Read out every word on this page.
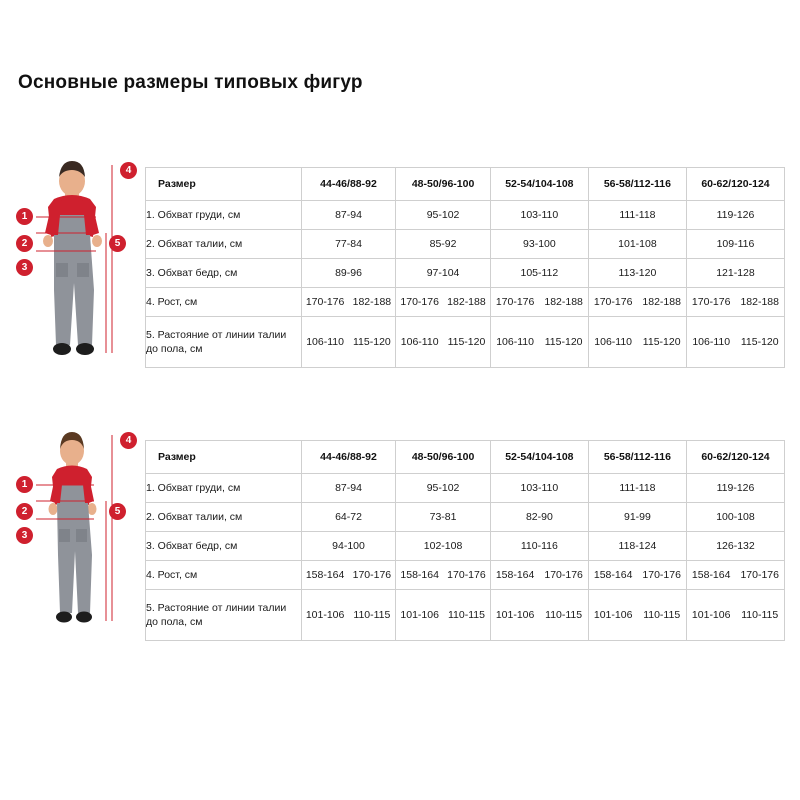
Основные размеры типовых фигур
1
2
3
4
5
Размер	44-46/88-92	48-50/96-100	52-54/104-108	56-58/112-116	60-62/120-124
1. Обхват груди, см	87-94	95-102	103-110	111-118	119-126
2. Обхват талии, см	77-84	85-92	93-100	101-108	109-116
3. Обхват бедр, см	89-96	97-104	105-112	113-120	121-128
4. Рост, см	170-176 182-188	170-176 182-188	170-176 182-188	170-176 182-188	170-176 182-188

5. Растояние от линии талии до пола, см	106-110 115-120	106-110 115-120	106-110 115-120	106-110 115-120	106-110 115-120
1
2
3
4
5
Размер	44-46/88-92	48-50/96-100	52-54/104-108	56-58/112-116	60-62/120-124
1. Обхват груди, см	87-94	95-102	103-110	111-118	119-126
2. Обхват талии, см	64-72	73-81	82-90	91-99	100-108
3. Обхват бедр, см	94-100	102-108	110-116	118-124	126-132
4. Рост, см	158-164 170-176	158-164 170-176	158-164 170-176	158-164 170-176	158-164 170-176

5. Растояние от линии талии до пола, см	101-106 110-115	101-106 110-115	101-106 110-115	101-106 110-115	101-106 110-115
